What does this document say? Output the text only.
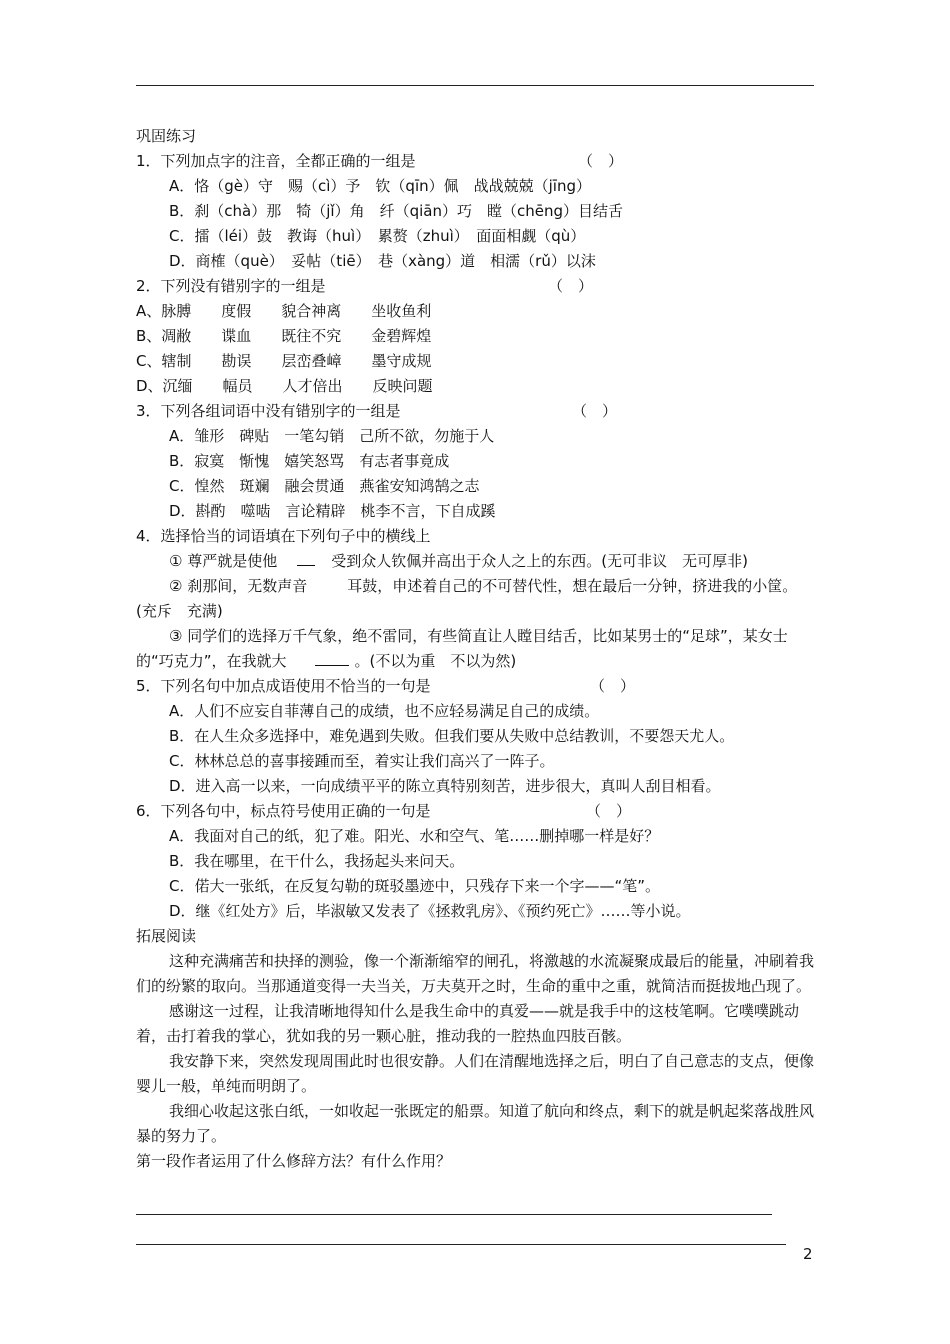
巩固练习
1．下列加点字的注音，全都正确的一组是	（　）
A．恪（gè）守　赐（cì）予　钦（qīn）佩　战战兢兢（jīng）
B．刹（chà）那　犄（jǐ）角　纤（qiān）巧　瞠（chēng）目结舌
C．擂（léi）鼓　教诲（huì）　累赘（zhuì）　面面相觑（qù）
D．商榷（què）　妥帖（tiē）　巷（xàng）道　相濡（rǔ）以沫
2．下列没有错别字的一组是	（　）
A、脉膊　　度假　　貌合神离　　坐收鱼利
B、凋敝　　谍血　　既往不究　　金碧辉煌
C、辖制　　勘误　　层峦叠嶂　　墨守成规
D、沉缅　　幅员　　人才倍出　　反映问题
3．下列各组词语中没有错别字的一组是	（　）
A．雏形　碑贴　一笔勾销　己所不欲，勿施于人
B．寂寞　惭愧　嬉笑怒骂　有志者事竟成
C．惶然　斑斓　融会贯通　燕雀安知鸿鹄之志
D．斟酌　噬啮　言论精辟　桃李不言，下自成蹊
4．选择恰当的词语填在下列句子中的横线上
① 尊严就是使他	受到众人钦佩并高出于众人之上的东西。(无可非议　无可厚非)
② 刹那间，无数声音	耳鼓，申述着自己的不可替代性，想在最后一分钟，挤进我的小筐。(充斥　充满)
③ 同学们的选择万千气象，绝不雷同，有些简直让人瞠目结舌，比如某男士的“足球”，某女士的“巧克力”，在我就大	。(不以为重　不以为然)
5．下列名句中加点成语使用不恰当的一句是	（　）
A．人们不应妄自菲薄自己的成绩，也不应轻易满足自己的成绩。
B．在人生众多选择中，难免遇到失败。但我们要从失败中总结教训，不要怨天尤人。
C．林林总总的喜事接踵而至，着实让我们高兴了一阵子。
D．进入高一以来，一向成绩平平的陈立真特别刻苦，进步很大，真叫人刮目相看。
6．下列各句中，标点符号使用正确的一句是	（　）
A．我面对自己的纸，犯了难。阳光、水和空气、笔……删掉哪一样是好？
B．我在哪里，在干什么，我扬起头来问天。
C．偌大一张纸，在反复勾勒的斑驳墨迹中，只残存下来一个字——“笔”。
D．继《红处方》后，毕淑敏又发表了《拯救乳房》、《预约死亡》……等小说。
拓展阅读
这种充满痛苦和抉择的测验，像一个渐渐缩窄的闸孔，将激越的水流凝聚成最后的能量，冲刷着我们的纷繁的取向。当那通道变得一夫当关，万夫莫开之时，生命的重中之重，就简洁而挺拔地凸现了。
感谢这一过程，让我清晰地得知什么是我生命中的真爱——就是我手中的这枝笔啊。它噗噗跳动着，击打着我的掌心，犹如我的另一颗心脏，推动我的一腔热血四肢百骸。
我安静下来，突然发现周围此时也很安静。人们在清醒地选择之后，明白了自己意志的支点，便像婴儿一般，单纯而明朗了。
我细心收起这张白纸，一如收起一张既定的船票。知道了航向和终点，剩下的就是帆起桨落战胜风暴的努力了。
第一段作者运用了什么修辞方法？有什么作用？
2
